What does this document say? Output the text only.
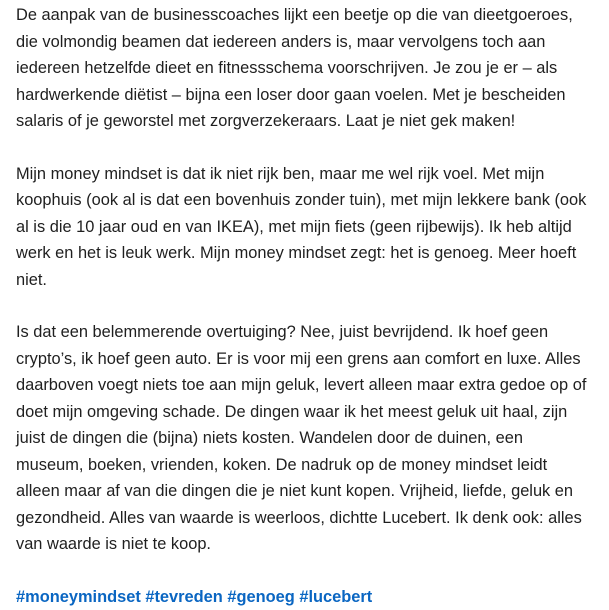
De aanpak van de businesscoaches lijkt een beetje op die van dieetgoeroes,
die volmondig beamen dat iedereen anders is, maar vervolgens toch aan
iedereen hetzelfde dieet en fitnessschema voorschrijven. Je zou je er – als
hardwerkende diëtist – bijna een loser door gaan voelen. Met je bescheiden
salaris of je geworstel met zorgverzekeraars. Laat je niet gek maken!

Mijn money mindset is dat ik niet rijk ben, maar me wel rijk voel. Met mijn
koophuis (ook al is dat een bovenhuis zonder tuin), met mijn lekkere bank (ook
al is die 10 jaar oud en van IKEA), met mijn fiets (geen rijbewijs). Ik heb altijd
werk en het is leuk werk. Mijn money mindset zegt: het is genoeg. Meer hoeft
niet.

Is dat een belemmerende overtuiging? Nee, juist bevrijdend. Ik hoef geen
crypto’s, ik hoef geen auto. Er is voor mij een grens aan comfort en luxe. Alles
daarboven voegt niets toe aan mijn geluk, levert alleen maar extra gedoe op of
doet mijn omgeving schade. De dingen waar ik het meest geluk uit haal, zijn
juist de dingen die (bijna) niets kosten. Wandelen door de duinen, een
museum, boeken, vrienden, koken. De nadruk op de money mindset leidt
alleen maar af van die dingen die je niet kunt kopen. Vrijheid, liefde, geluk en
gezondheid. Alles van waarde is weerloos, dichtte Lucebert. Ik denk ook: alles
van waarde is niet te koop.

#moneymindset #tevreden #genoeg #lucebert
